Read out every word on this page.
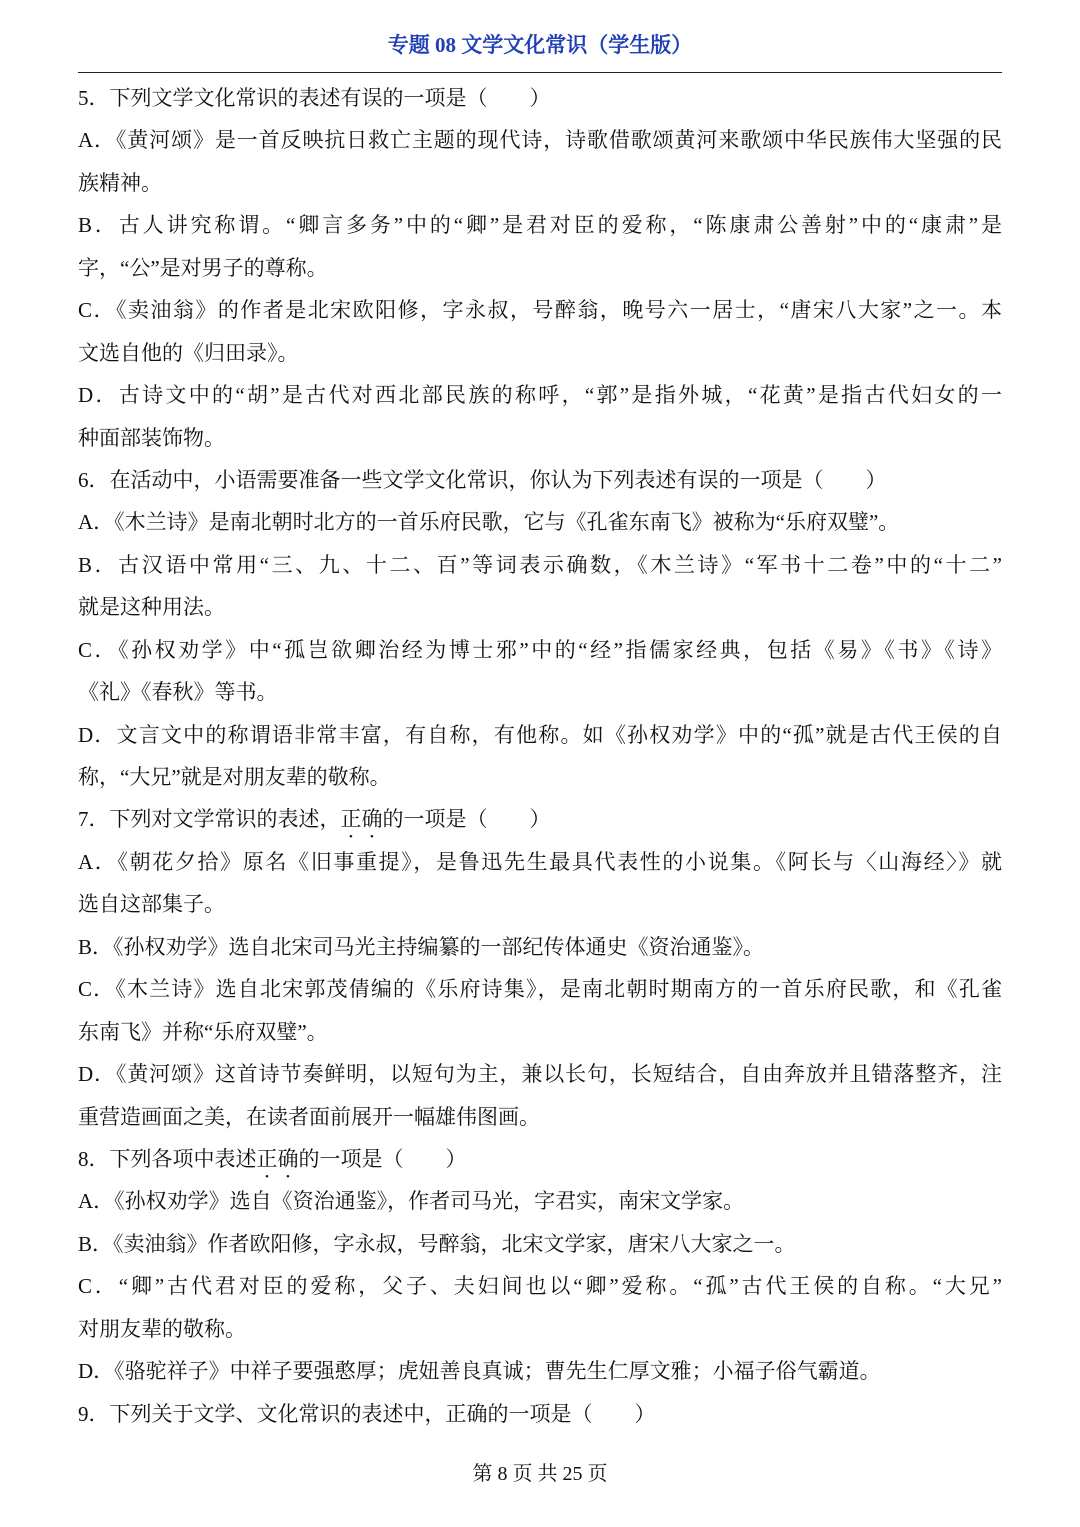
专题 08 文学文化常识（学生版）
5．下列文学文化常识的表述有误的一项是（　　）
A．《黄河颂》是一首反映抗日救亡主题的现代诗，诗歌借歌颂黄河来歌颂中华民族伟大坚强的民
族精神。
B．古人讲究称谓。“卿言多务”中的“卿”是君对臣的爱称，“陈康肃公善射”中的“康肃”是
字，“公”是对男子的尊称。
C．《卖油翁》的作者是北宋欧阳修，字永叔，号醉翁，晚号六一居士，“唐宋八大家”之一。本
文选自他的《归田录》。
D．古诗文中的“胡”是古代对西北部民族的称呼，“郭”是指外城，“花黄”是指古代妇女的一
种面部装饰物。
6．在活动中，小语需要准备一些文学文化常识，你认为下列表述有误的一项是（　　）
A．《木兰诗》是南北朝时北方的一首乐府民歌，它与《孔雀东南飞》被称为“乐府双璧”。
B．古汉语中常用“三、九、十二、百”等词表示确数，《木兰诗》“军书十二卷”中的“十二”
就是这种用法。
C．《孙权劝学》中“孤岂欲卿治经为博士邪”中的“经”指儒家经典，包括《易》《书》《诗》
《礼》《春秋》等书。
D．文言文中的称谓语非常丰富，有自称，有他称。如《孙权劝学》中的“孤”就是古代王侯的自
称，“大兄”就是对朋友辈的敬称。
7．下列对文学常识的表述，正确的一项是（　　）
A．《朝花夕拾》原名《旧事重提》，是鲁迅先生最具代表性的小说集。《阿长与〈山海经〉》就
选自这部集子。
B．《孙权劝学》选自北宋司马光主持编纂的一部纪传体通史《资治通鉴》。
C．《木兰诗》选自北宋郭茂倩编的《乐府诗集》，是南北朝时期南方的一首乐府民歌，和《孔雀
东南飞》并称“乐府双璧”。
D．《黄河颂》这首诗节奏鲜明，以短句为主，兼以长句，长短结合，自由奔放并且错落整齐，注
重营造画面之美，在读者面前展开一幅雄伟图画。
8．下列各项中表述正确的一项是（　　）
A．《孙权劝学》选自《资治通鉴》，作者司马光，字君实，南宋文学家。
B．《卖油翁》作者欧阳修，字永叔，号醉翁，北宋文学家，唐宋八大家之一。
C．“卿”古代君对臣的爱称，父子、夫妇间也以“卿”爱称。“孤”古代王侯的自称。“大兄”
对朋友辈的敬称。
D．《骆驼祥子》中祥子要强憨厚；虎妞善良真诚；曹先生仁厚文雅；小福子俗气霸道。
9．下列关于文学、文化常识的表述中，正确的一项是（　　）
第 8 页 共 25 页
